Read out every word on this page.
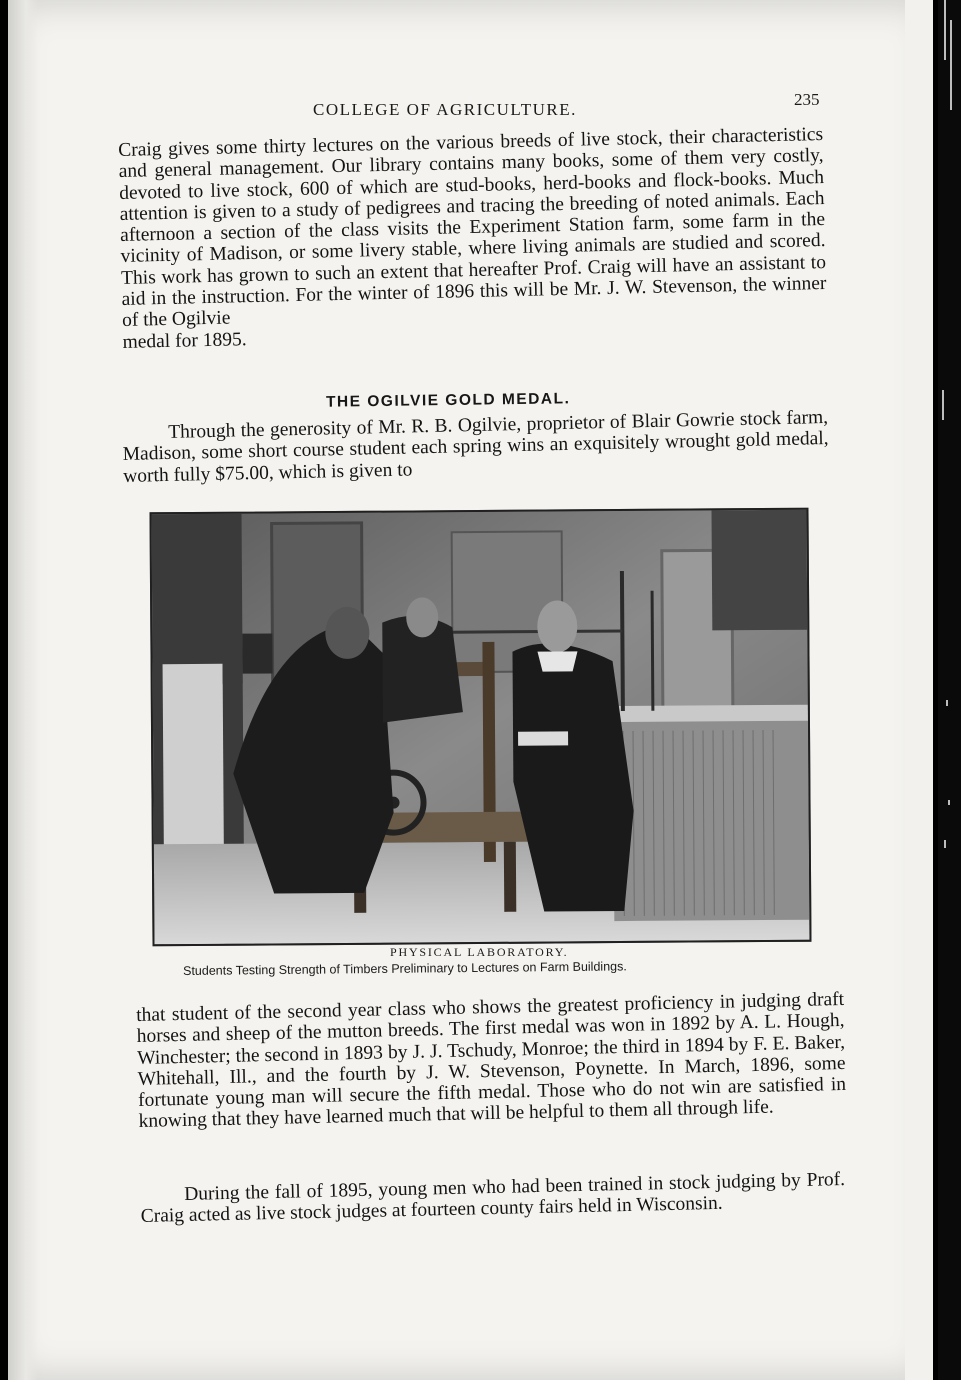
COLLEGE OF AGRICULTURE.
235
Craig gives some thirty lectures on the various breeds of live stock, their characteristics and general management. Our library contains many books, some of them very costly, devoted to live stock, 600 of which are stud-books, herd-books and flock-books. Much attention is given to a study of pedigrees and tracing the breeding of noted animals. Each afternoon a section of the class visits the Experiment Station farm, some farm in the vicinity of Madison, or some livery stable, where living animals are studied and scored. This work has grown to such an extent that hereafter Prof. Craig will have an assistant to aid in the instruction. For the winter of 1896 this will be Mr. J. W. Stevenson, the winner of the Ogilvie
medal for 1895.
THE OGILVIE GOLD MEDAL.
Through the generosity of Mr. R. B. Ogilvie, proprietor of Blair Gowrie stock farm, Madison, some short course student each spring wins an exquisitely wrought gold medal, worth fully $75.00, which is given to
PHYSICAL LABORATORY.
Students Testing Strength of Timbers Preliminary to Lectures on Farm Buildings.
that student of the second year class who shows the greatest proficiency in judging draft horses and sheep of the mutton breeds. The first medal was won in 1892 by A. L. Hough, Winchester; the second in 1893 by J. J. Tschudy, Monroe; the third in 1894 by F. E. Baker, Whitehall, Ill., and the fourth by J. W. Stevenson, Poynette. In March, 1896, some fortunate young man will secure the fifth medal. Those who do not win are satisfied in knowing that they have learned much that will be helpful to them all through life.
During the fall of 1895, young men who had been trained in stock judging by Prof. Craig acted as live stock judges at fourteen county fairs held in Wisconsin.
